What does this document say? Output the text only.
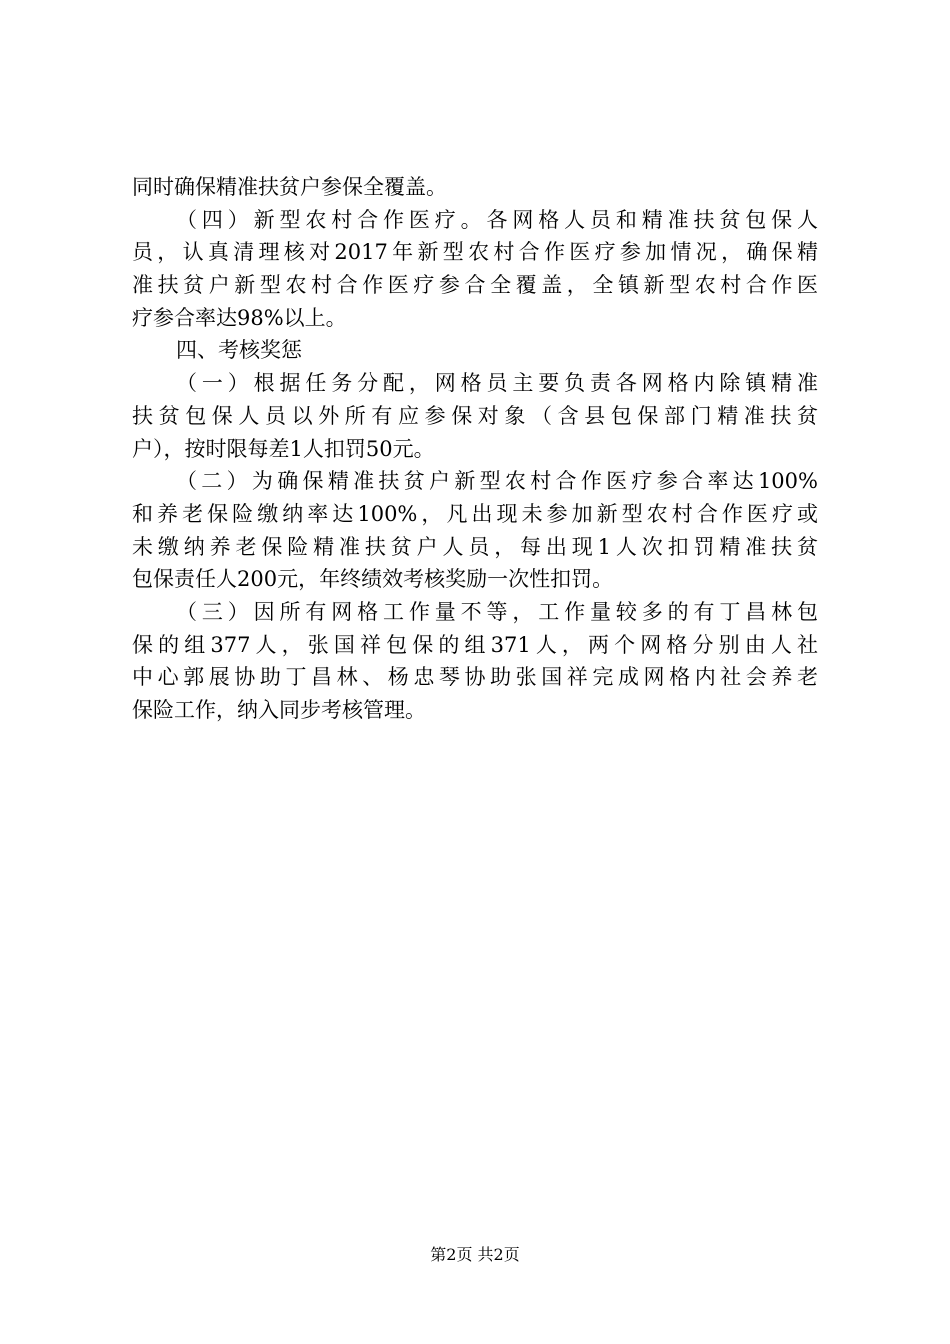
同时确保精准扶贫户参保全覆盖。
（四）新型农村合作医疗。各网格人员和精准扶贫包保人
员，认真清理核对2017年新型农村合作医疗参加情况，确保精
准扶贫户新型农村合作医疗参合全覆盖，全镇新型农村合作医
疗参合率达98%以上。
四、考核奖惩
（一）根据任务分配，网格员主要负责各网格内除镇精准
扶贫包保人员以外所有应参保对象（含县包保部门精准扶贫
户），按时限每差1人扣罚50元。
（二）为确保精准扶贫户新型农村合作医疗参合率达100%
和养老保险缴纳率达100%，凡出现未参加新型农村合作医疗或
未缴纳养老保险精准扶贫户人员，每出现1人次扣罚精准扶贫
包保责任人200元，年终绩效考核奖励一次性扣罚。
（三）因所有网格工作量不等，工作量较多的有丁昌林包
保的组377人，张国祥包保的组371人，两个网格分别由人社
中心郭展协助丁昌林、杨忠琴协助张国祥完成网格内社会养老
保险工作，纳入同步考核管理。
第2页 共2页
